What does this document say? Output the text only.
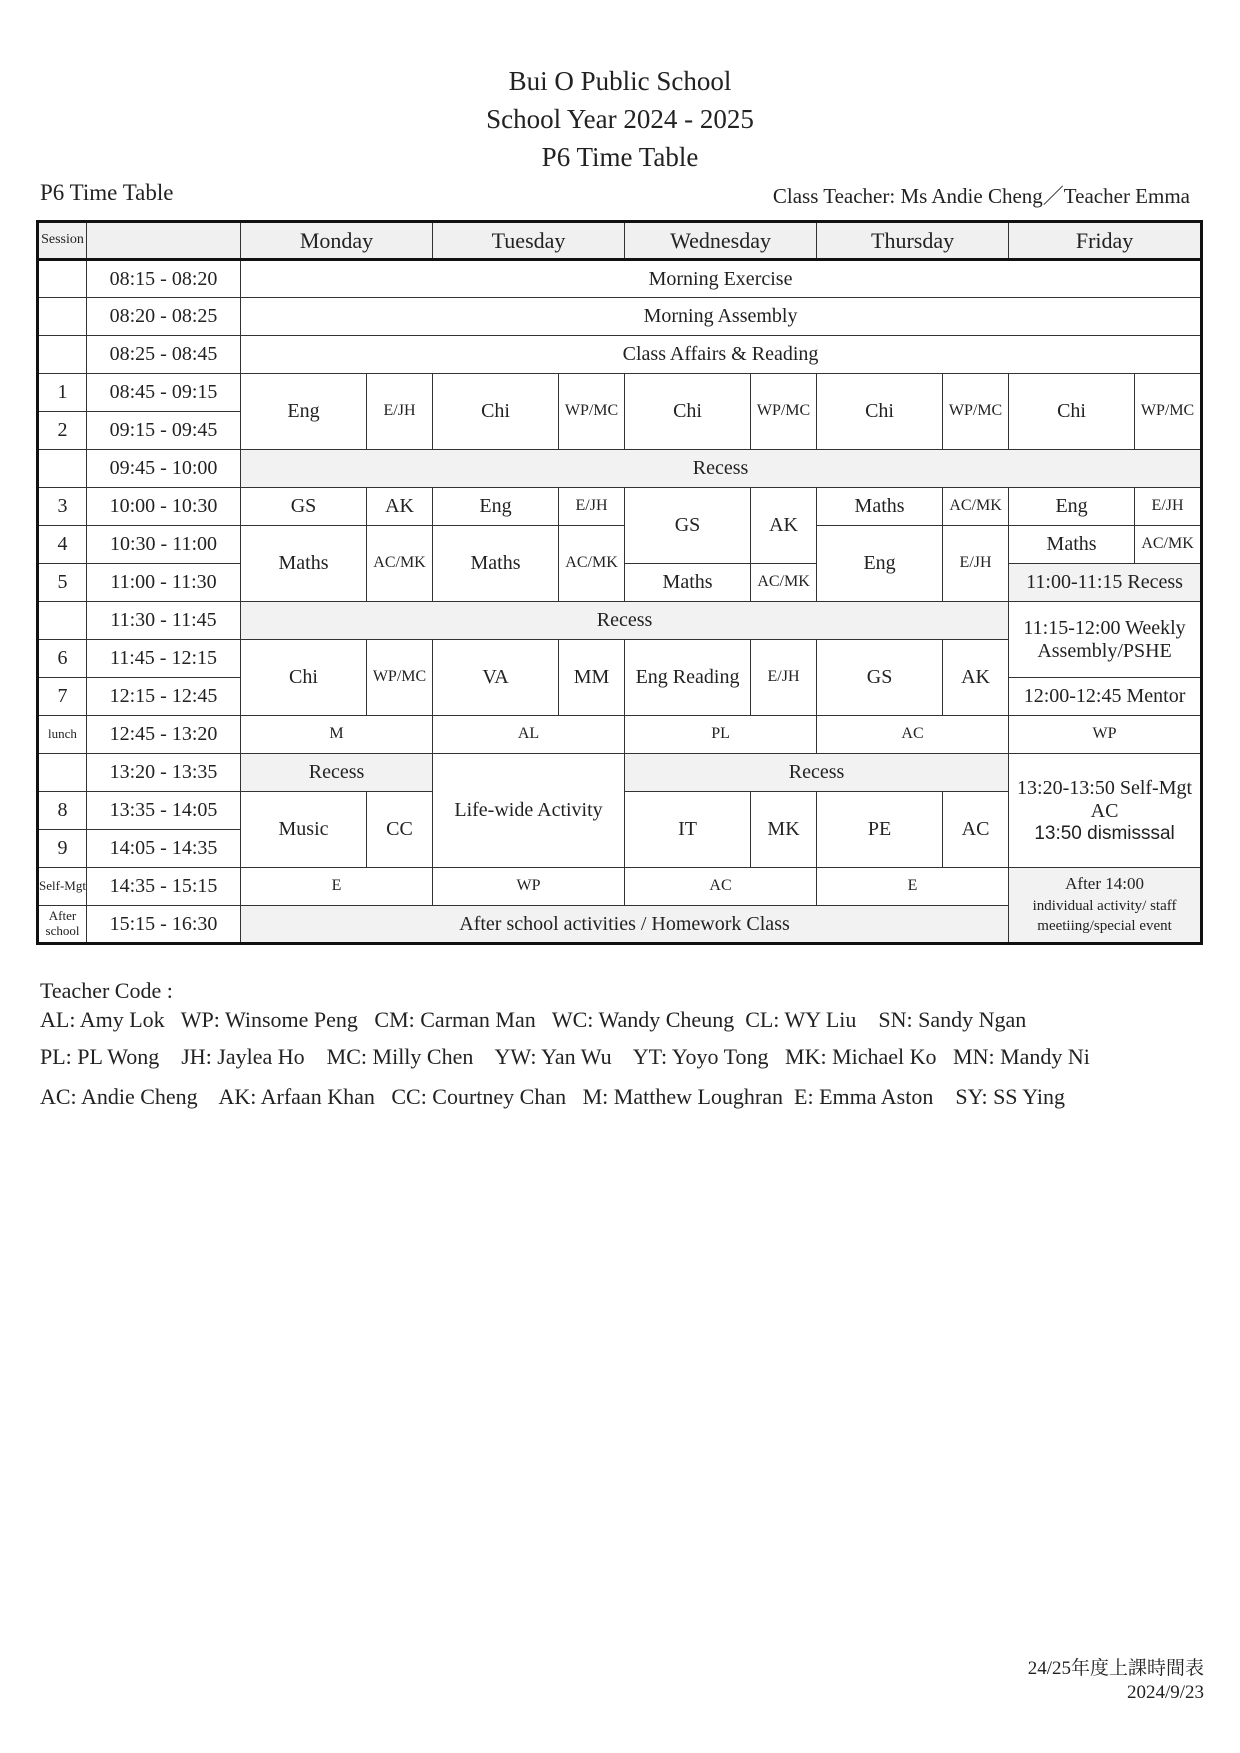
Bui O Public School
School Year 2024 - 2025
P6 Time Table
P6 Time Table	Class Teacher: Ms Andie Cheng／Teacher Emma
Session		Monday		Tuesday		Wednesday		Thursday		Friday	
	08:15 - 08:20	Morning Exercise									
	08:20 - 08:25	Morning Assembly									
	08:25 - 08:45	Class Affairs & Reading									
1	08:45 - 09:15	Eng	E/JH	Chi	WP/MC	Chi	WP/MC	Chi	WP/MC	Chi	WP/MC
2	09:15 - 09:45										
	09:45 - 10:00	Recess									
3	10:00 - 10:30	GS	AK	Eng	E/JH	GS	AK	Maths	AC/MK	Eng	E/JH
4	10:30 - 11:00	Maths	AC/MK	Maths	AC/MK			Eng	E/JH	Maths	AC/MK
5	11:00 - 11:30					Maths	AC/MK			11:00-11:15 Recess	
	11:30 - 11:45	Recess								11:15-12:00 Weekly Assembly/PSHE	
6	11:45 - 12:15	Chi	WP/MC	VA	MM	Eng Reading	E/JH	GS	AK		
7	12:15 - 12:45									12:00-12:45 Mentor	
lunch	12:45 - 13:20	M		AL		PL		AC		WP	
	13:20 - 13:35	Recess		Life-wide Activity		Recess				13:20-13:50 Self-Mgt
AC
13:50 dismisssal	

8	13:35 - 14:05	Music	CC			IT	MK	PE	AC		
9	14:05 - 14:35										
Self-Mgt	14:35 - 15:15	E		WP		AC		E		After 14:00
individual activity/ staff meetiing/special event	

After school	15:15 - 16:30	After school activities / Homework Class									
Teacher Code :
AL: Amy Lok   WP: Winsome Peng   CM: Carman Man   WC: Wandy Cheung  CL: WY Liu    SN: Sandy Ngan
PL: PL Wong    JH: Jaylea Ho    MC: Milly Chen    YW: Yan Wu    YT: Yoyo Tong   MK: Michael Ko   MN: Mandy Ni
AC: Andie Cheng    AK: Arfaan Khan   CC: Courtney Chan   M: Matthew Loughran  E: Emma Aston    SY: SS Ying
24/25年度上課時間表
2024/9/23
